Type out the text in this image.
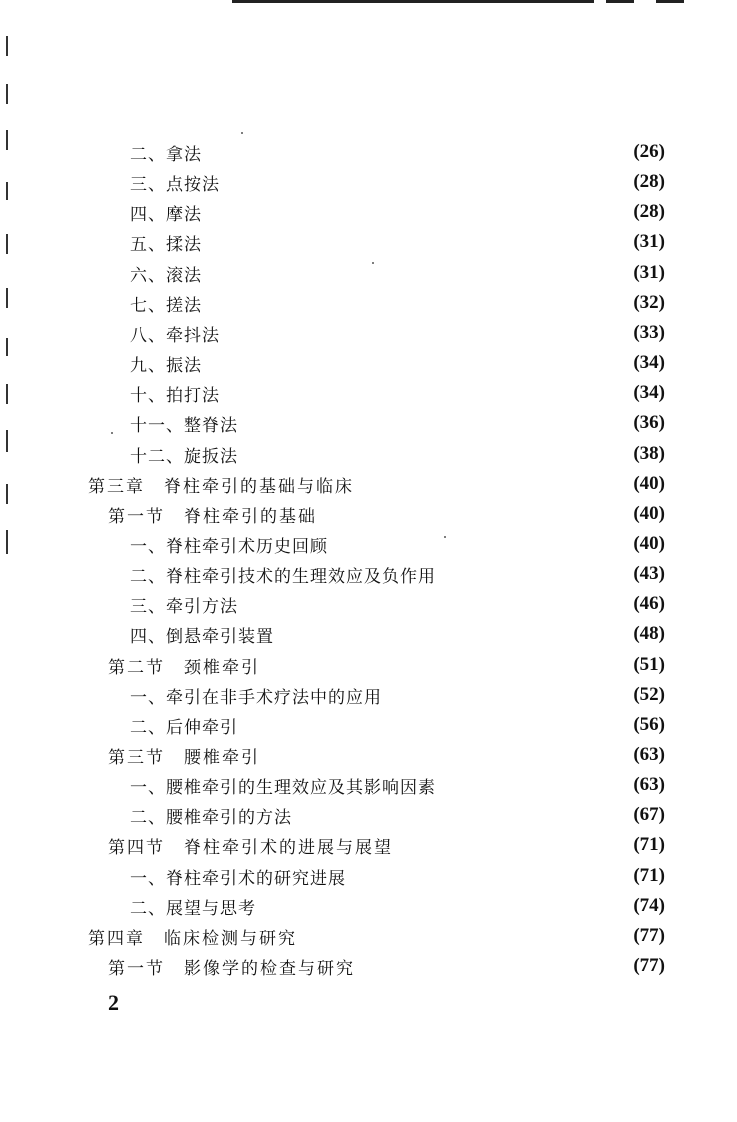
二、拿法	(26)
三、点按法	(28)
四、摩法	(28)
五、揉法	(31)
六、滚法	(31)
七、搓法	(32)
八、牵抖法	(33)
九、振法	(34)
十、拍打法	(34)
十一、整脊法	(36)
十二、旋扳法	(38)
第三章　脊柱牵引的基础与临床	(40)
第一节　脊柱牵引的基础	(40)
一、脊柱牵引术历史回顾	(40)
二、脊柱牵引技术的生理效应及负作用	(43)
三、牵引方法	(46)
四、倒悬牵引装置	(48)
第二节　颈椎牵引	(51)
一、牵引在非手术疗法中的应用	(52)
二、后伸牵引	(56)
第三节　腰椎牵引	(63)
一、腰椎牵引的生理效应及其影响因素	(63)
二、腰椎牵引的方法	(67)
第四节　脊柱牵引术的进展与展望	(71)
一、脊柱牵引术的研究进展	(71)
二、展望与思考	(74)
第四章　临床检测与研究	(77)
第一节　影像学的检查与研究	(77)
2
